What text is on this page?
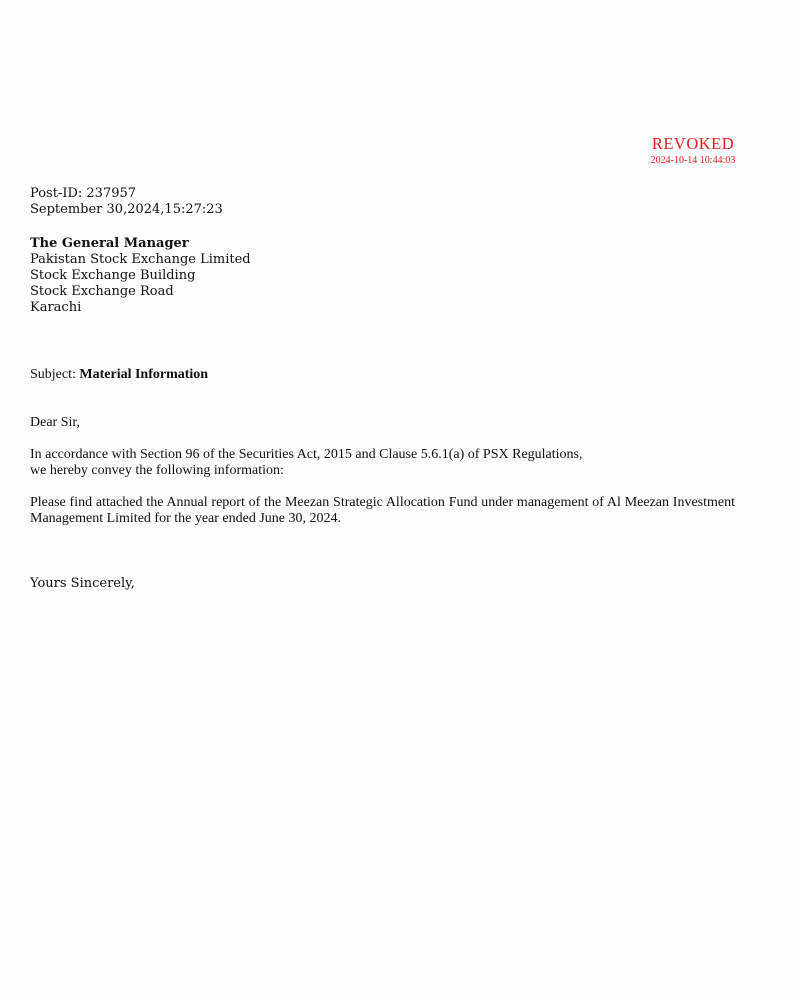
REVOKED
2024-10-14 10:44:03
Post-ID: 237957
September 30,2024,15:27:23
The General Manager
Pakistan Stock Exchange Limited
Stock Exchange Building
Stock Exchange Road
Karachi
Subject: Material Information
Dear Sir,
In accordance with Section 96 of the Securities Act, 2015 and Clause 5.6.1(a) of PSX Regulations,
we hereby convey the following information:
Please find attached the Annual report of the Meezan Strategic Allocation Fund under management of Al Meezan Investment Management Limited for the year ended June 30, 2024.
Yours Sincerely,
